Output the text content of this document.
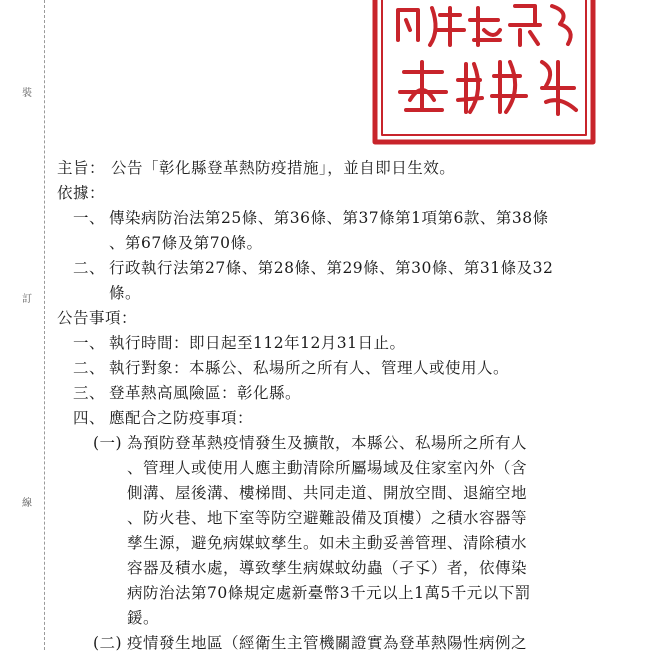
裝
訂
線
主旨： 公告「彰化縣登革熱防疫措施」，並自即日生效。
依據：
一、 傳染病防治法第25條、第36條、第37條第1項第6款、第38條
、第67條及第70條。
二、 行政執行法第27條、第28條、第29條、第30條、第31條及32
條。
公告事項：
一、 執行時間：即日起至112年12月31日止。
二、 執行對象：本縣公、私場所之所有人、管理人或使用人。
三、 登革熱高風險區：彰化縣。
四、 應配合之防疫事項：
(一) 為預防登革熱疫情發生及擴散，本縣公、私場所之所有人
、管理人或使用人應主動清除所屬場域及住家室內外（含
側溝、屋後溝、樓梯間、共同走道、開放空間、退縮空地
、防火巷、地下室等防空避難設備及頂樓）之積水容器等
孳生源，避免病媒蚊孳生。如未主動妥善管理、清除積水
容器及積水處，導致孳生病媒蚊幼蟲（孑孓）者，依傳染
病防治法第70條規定處新臺幣3千元以上1萬5千元以下罰
鍰。
(二) 疫情發生地區（經衛生主管機關證實為登革熱陽性病例之
